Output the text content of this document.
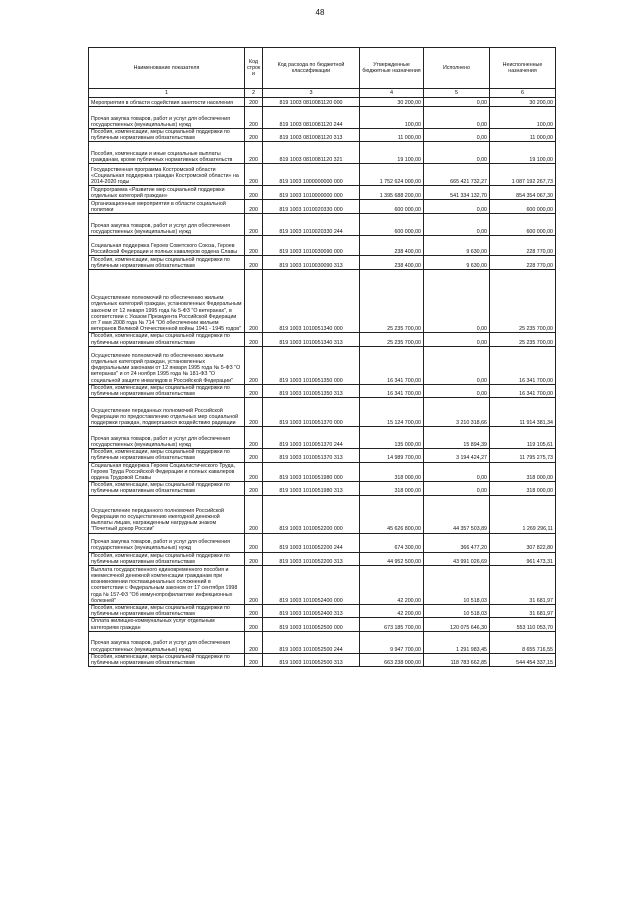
48
Наименование показателя	Код строк и	Код расхода по бюджетной классификации	Утвержденные бюджетные назначения	Исполнено	Неисполненные назначения
1	2	3	4	5	6
Мероприятия в области содействия занятости населения	200	819 1003 0810081120 000	30 200,00	0,00	30 200,00
Прочая закупка товаров, работ и услуг для обеспечения государственных (муниципальных) нужд	200	819 1003 0810081120 244	100,00	0,00	100,00
Пособия, компенсации, меры социальной поддержки по публичным нормативным обязательствам	200	819 1003 0810081120 313	11 000,00	0,00	11 000,00
Пособия, компенсации и иные социальные выплаты гражданам, кроме публичных нормативных обязательств	200	819 1003 0810081120 321	19 100,00	0,00	19 100,00
Государственная программа Костромской области «Социальная поддержка граждан Костромской области» на 2014-2020 годы	200	819 1003 1000000000 000	1 752 624 000,00	665 421 732,27	1 087 192 267,73
Подпрограмма «Развитие мер социальной поддержки отдельных категорий граждан»	200	819 1003 1010000000 000	1 395 688 200,00	541 334 132,70	854 354 067,30
Организационные мероприятия в области социальной политики	200	819 1003 1010020330 000	600 000,00	0,00	600 000,00
Прочая закупка товаров, работ и услуг для обеспечения государственных (муниципальных) нужд	200	819 1003 1010020330 244	600 000,00	0,00	600 000,00
Социальная поддержка Героев Советского Союза, Героев Российской Федерации и полных кавалеров ордена Славы	200	819 1003 1010030090 000	238 400,00	9 630,00	228 770,00
Пособия, компенсации, меры социальной поддержки по публичным нормативным обязательствам	200	819 1003 1010030090 313	238 400,00	9 630,00	228 770,00
Осуществление полномочий по обеспечению жильем отдельных категорий граждан, установленных Федеральным законом от 12 января 1995 года № 5-ФЗ "О ветеранах", в соответствии с Указом Президента Российской Федерации от 7 мая 2008 года № 714 "Об обеспечении жильем ветеранов Великой Отечественной войны 1941 - 1945 годов"	200	819 1003 1010051340 000	25 235 700,00	0,00	25 235 700,00
Пособия, компенсации, меры социальной поддержки по публичным нормативным обязательствам	200	819 1003 1010051340 313	25 235 700,00	0,00	25 235 700,00
Осуществление полномочий по обеспечению жильем отдельных категорий граждан, установленных федеральными законами от 12 января 1995 года № 5-ФЗ "О ветеранах" и от 24 ноября 1995 года № 181-ФЗ "О социальной защите инвалидов в Российской Федерации"	200	819 1003 1010051350 000	16 341 700,00	0,00	16 341 700,00
Пособия, компенсации, меры социальной поддержки по публичным нормативным обязательствам	200	819 1003 1010051350 313	16 341 700,00	0,00	16 341 700,00
Осуществление переданных полномочий Российской Федерации по предоставлению отдельных мер социальной поддержки граждан, подвергшихся воздействию радиации	200	819 1003 1010051370 000	15 124 700,00	3 210 318,66	11 914 381,34
Прочая закупка товаров, работ и услуг для обеспечения государственных (муниципальных) нужд	200	819 1003 1010051370 244	135 000,00	15 894,39	119 105,61
Пособия, компенсации, меры социальной поддержки по публичным нормативным обязательствам	200	819 1003 1010051370 313	14 989 700,00	3 194 424,27	11 795 275,73
Социальная поддержка Героев Социалистического Труда, Героев Труда Российской Федерации и полных кавалеров ордена Трудовой Славы	200	819 1003 1010051980 000	318 000,00	0,00	318 000,00
Пособия, компенсации, меры социальной поддержки по публичным нормативным обязательствам	200	819 1003 1010051980 313	318 000,00	0,00	318 000,00
Осуществление переданного полномочия Российской Федерации по осуществлению ежегодной денежной выплаты лицам, награжденным нагрудным знаком "Почетный донор России"	200	819 1003 1010052200 000	45 626 800,00	44 357 503,89	1 269 296,11
Прочая закупка товаров, работ и услуг для обеспечения государственных (муниципальных) нужд	200	819 1003 1010052200 244	674 300,00	366 477,20	307 822,80
Пособия, компенсации, меры социальной поддержки по публичным нормативным обязательствам	200	819 1003 1010052200 313	44 952 500,00	43 991 026,69	961 473,31
Выплата государственного единовременного пособия и ежемесячной денежной компенсации гражданам при возникновении поствакцинальных осложнений в соответствии с Федеральным законом от 17 сентября 1998 года № 157-ФЗ "Об иммунопрофилактике инфекционных болезней"	200	819 1003 1010052400 000	42 200,00	10 518,03	31 681,97
Пособия, компенсации, меры социальной поддержки по публичным нормативным обязательствам	200	819 1003 1010052400 313	42 200,00	10 518,03	31 681,97
Оплата жилищно-коммунальных услуг отдельным категориям граждан	200	819 1003 1010052500 000	673 185 700,00	120 075 646,30	553 110 053,70
Прочая закупка товаров, работ и услуг для обеспечения государственных (муниципальных) нужд	200	819 1003 1010052500 244	9 947 700,00	1 291 983,45	8 655 716,55
Пособия, компенсации, меры социальной поддержки по публичным нормативным обязательствам	200	819 1003 1010052500 313	663 238 000,00	118 783 662,85	544 454 337,15
